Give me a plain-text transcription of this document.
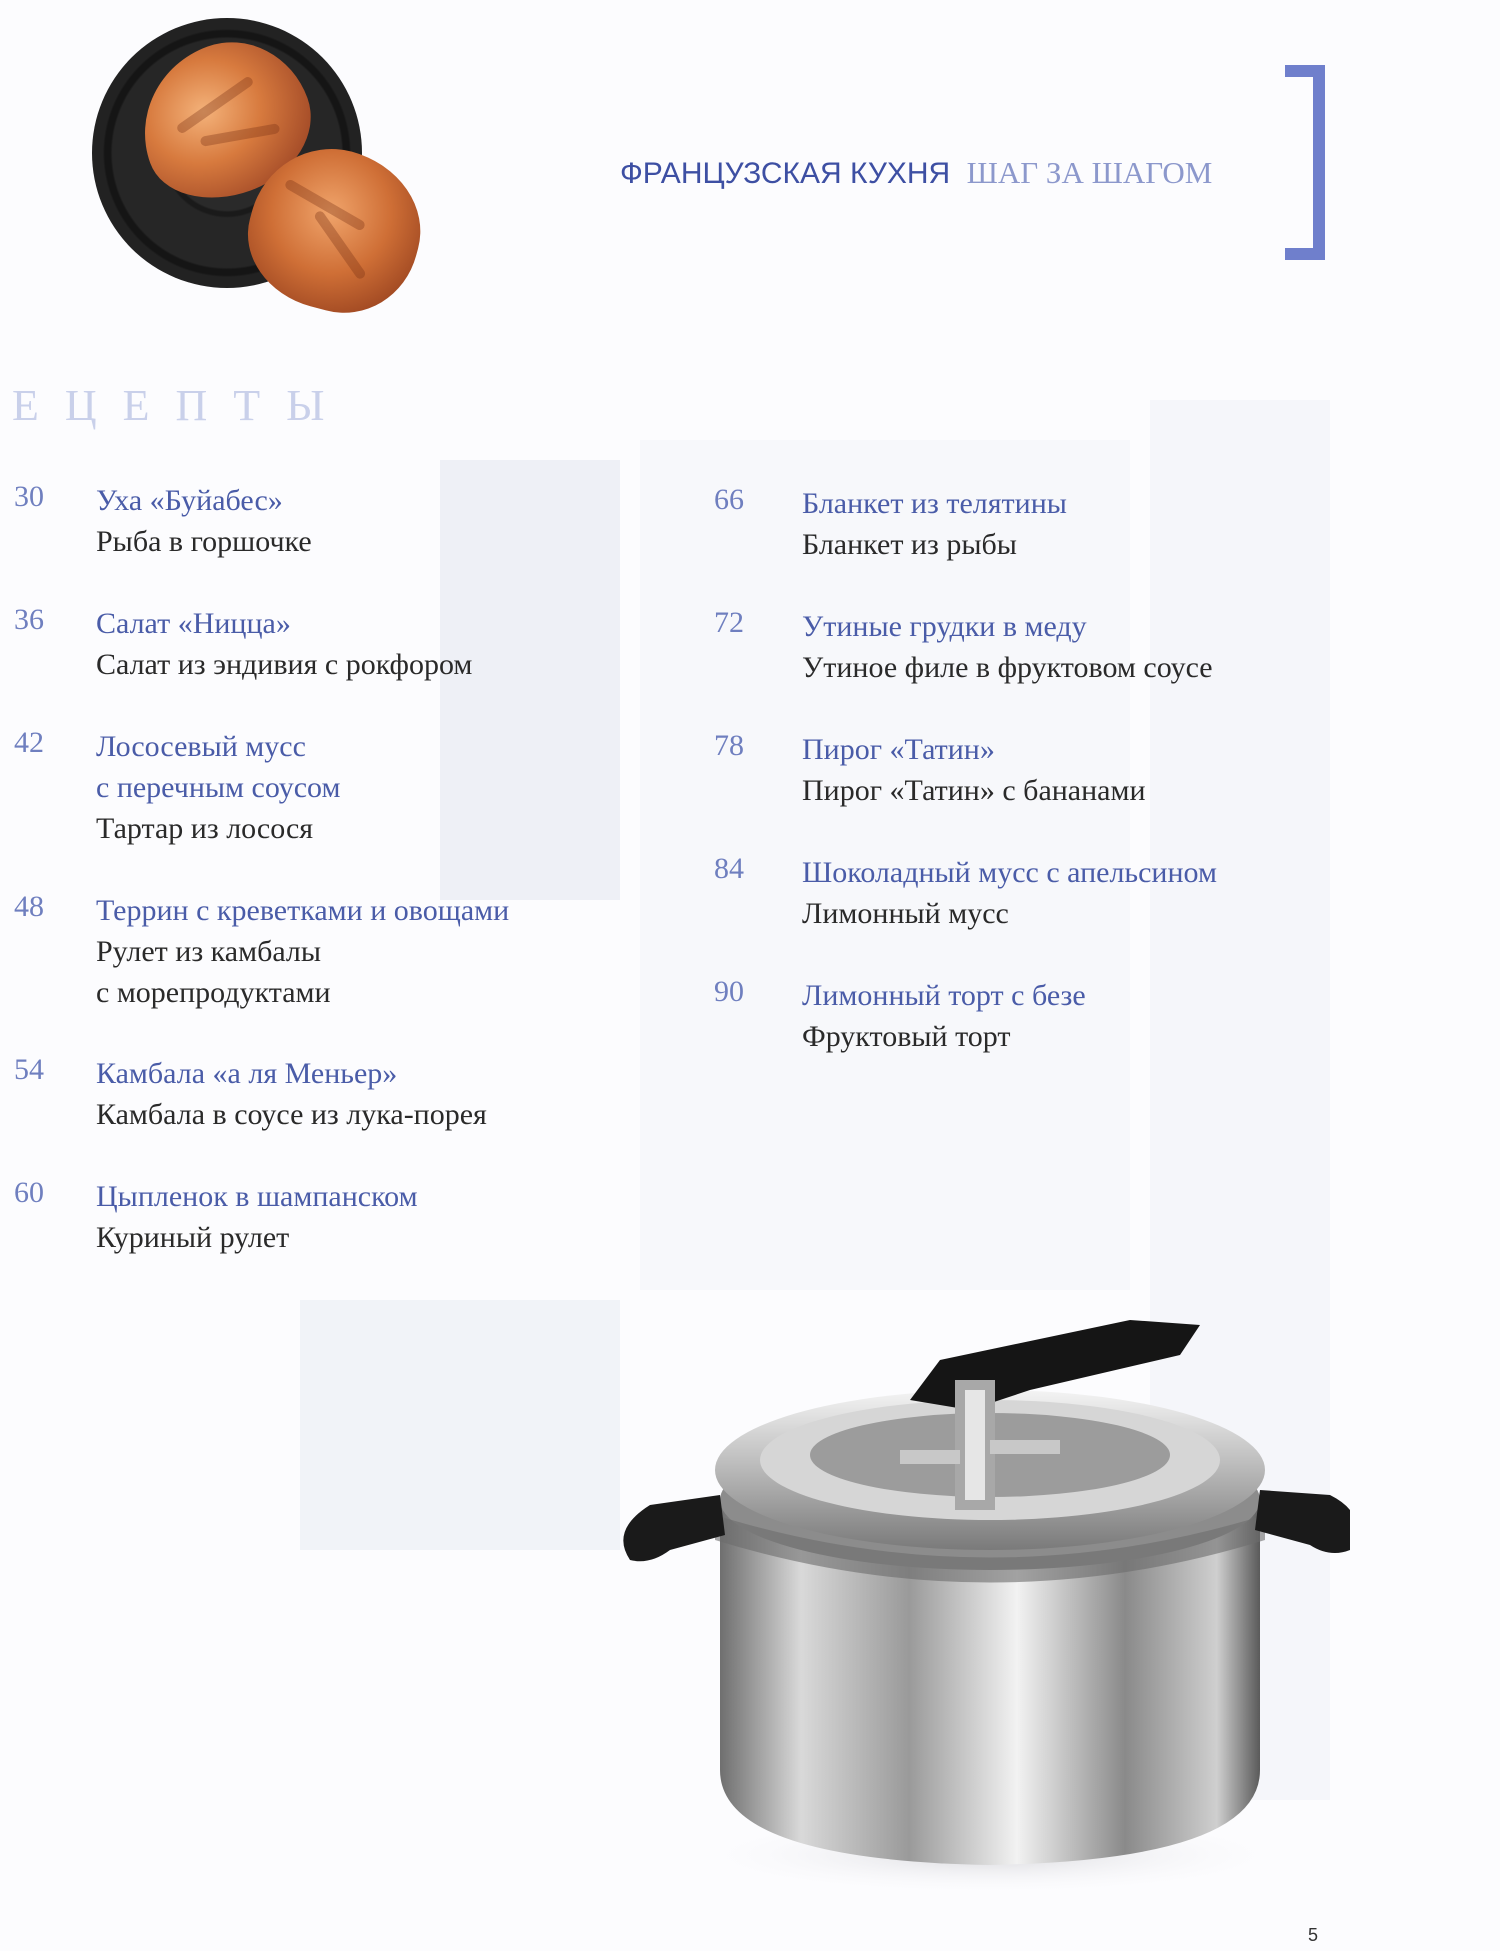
ФРАНЦУЗСКАЯ КУХНЯ ШАГ ЗА ШАГОМ
ЕЦЕПТЫ
30 Уха «Буйабес»
Рыба в горшочке
36 Салат «Ницца»
Салат из эндивия с рокфором
42 Лососевый мусс
с перечным соусом
Тартар из лосося
48 Террин с креветками и овощами
Рулет из камбалы
с морепродуктами
54 Камбала «а ля Меньер»
Камбала в соусе из лука-порея
60 Цыпленок в шампанском
Куриный рулет
66 Бланкет из телятины
Бланкет из рыбы
72 Утиные грудки в меду
Утиное филе в фруктовом соусе
78 Пирог «Татин»
Пирог «Татин» с бананами
84 Шоколадный мусс с апельсином
Лимонный мусс
90 Лимонный торт с безе
Фруктовый торт
5
